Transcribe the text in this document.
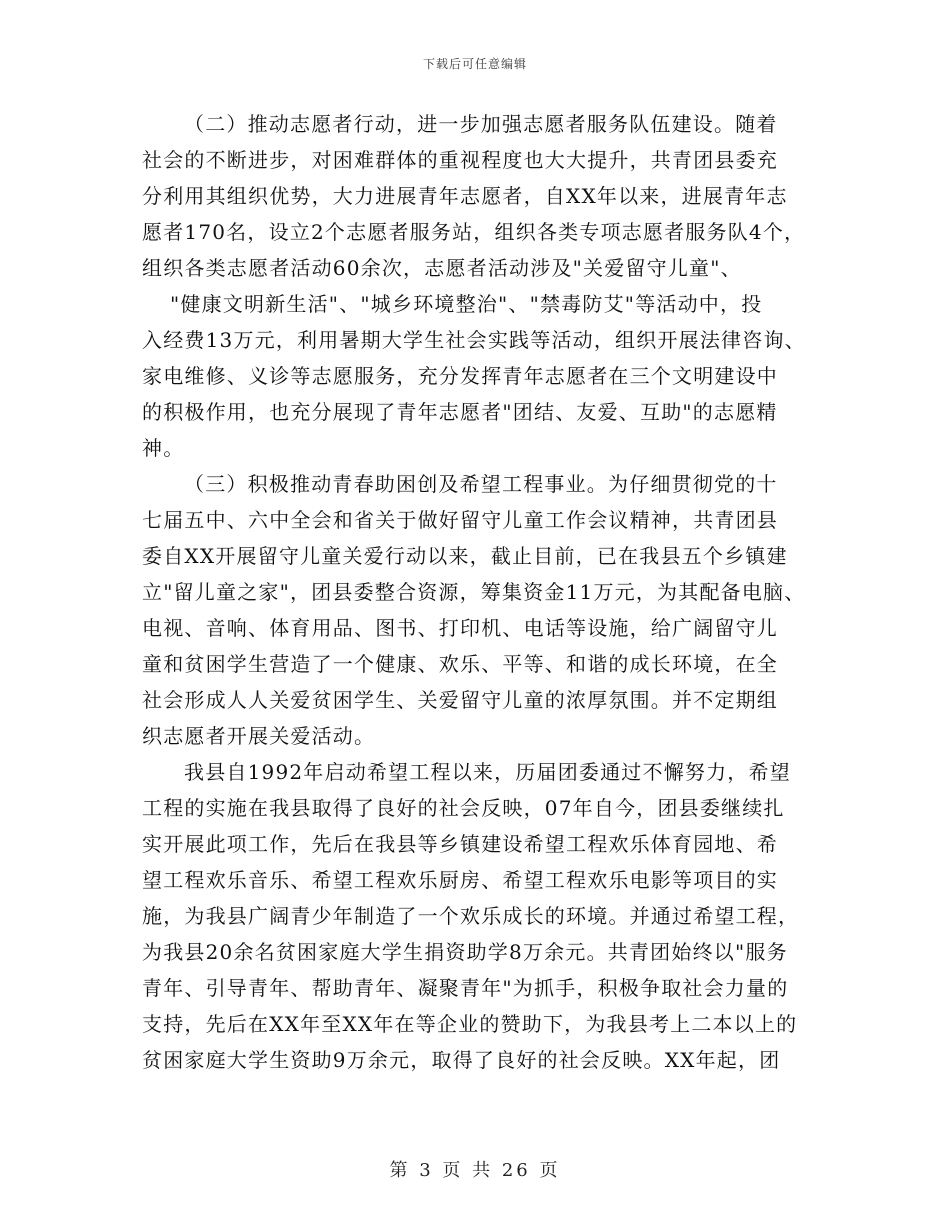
下载后可任意编辑
（二）推动志愿者行动，进一步加强志愿者服务队伍建设。随着
社会的不断进步，对困难群体的重视程度也大大提升，共青团县委充
分利用其组织优势，大力进展青年志愿者，自XX年以来，进展青年志
愿者170名，设立2个志愿者服务站，组织各类专项志愿者服务队4个，
组织各类志愿者活动60余次，志愿者活动涉及"关爱留守儿童"、
"健康文明新生活"、"城乡环境整治"、"禁毒防艾"等活动中，投
入经费13万元，利用暑期大学生社会实践等活动，组织开展法律咨询、
家电维修、义诊等志愿服务，充分发挥青年志愿者在三个文明建设中
的积极作用，也充分展现了青年志愿者"团结、友爱、互助"的志愿精
神。
（三）积极推动青春助困创及希望工程事业。为仔细贯彻党的十
七届五中、六中全会和省关于做好留守儿童工作会议精神，共青团县
委自XX开展留守儿童关爱行动以来，截止目前，已在我县五个乡镇建
立"留儿童之家"，团县委整合资源，筹集资金11万元，为其配备电脑、
电视、音响、体育用品、图书、打印机、电话等设施，给广阔留守儿
童和贫困学生营造了一个健康、欢乐、平等、和谐的成长环境，在全
社会形成人人关爱贫困学生、关爱留守儿童的浓厚氛围。并不定期组
织志愿者开展关爱活动。
我县自1992年启动希望工程以来，历届团委通过不懈努力，希望
工程的实施在我县取得了良好的社会反映，07年自今，团县委继续扎
实开展此项工作，先后在我县等乡镇建设希望工程欢乐体育园地、希
望工程欢乐音乐、希望工程欢乐厨房、希望工程欢乐电影等项目的实
施，为我县广阔青少年制造了一个欢乐成长的环境。并通过希望工程，
为我县20余名贫困家庭大学生捐资助学8万余元。共青团始终以"服务
青年、引导青年、帮助青年、凝聚青年"为抓手，积极争取社会力量的
支持，先后在XX年至XX年在等企业的赞助下，为我县考上二本以上的
贫困家庭大学生资助9万余元，取得了良好的社会反映。XX年起，团
第 3 页 共 26 页
